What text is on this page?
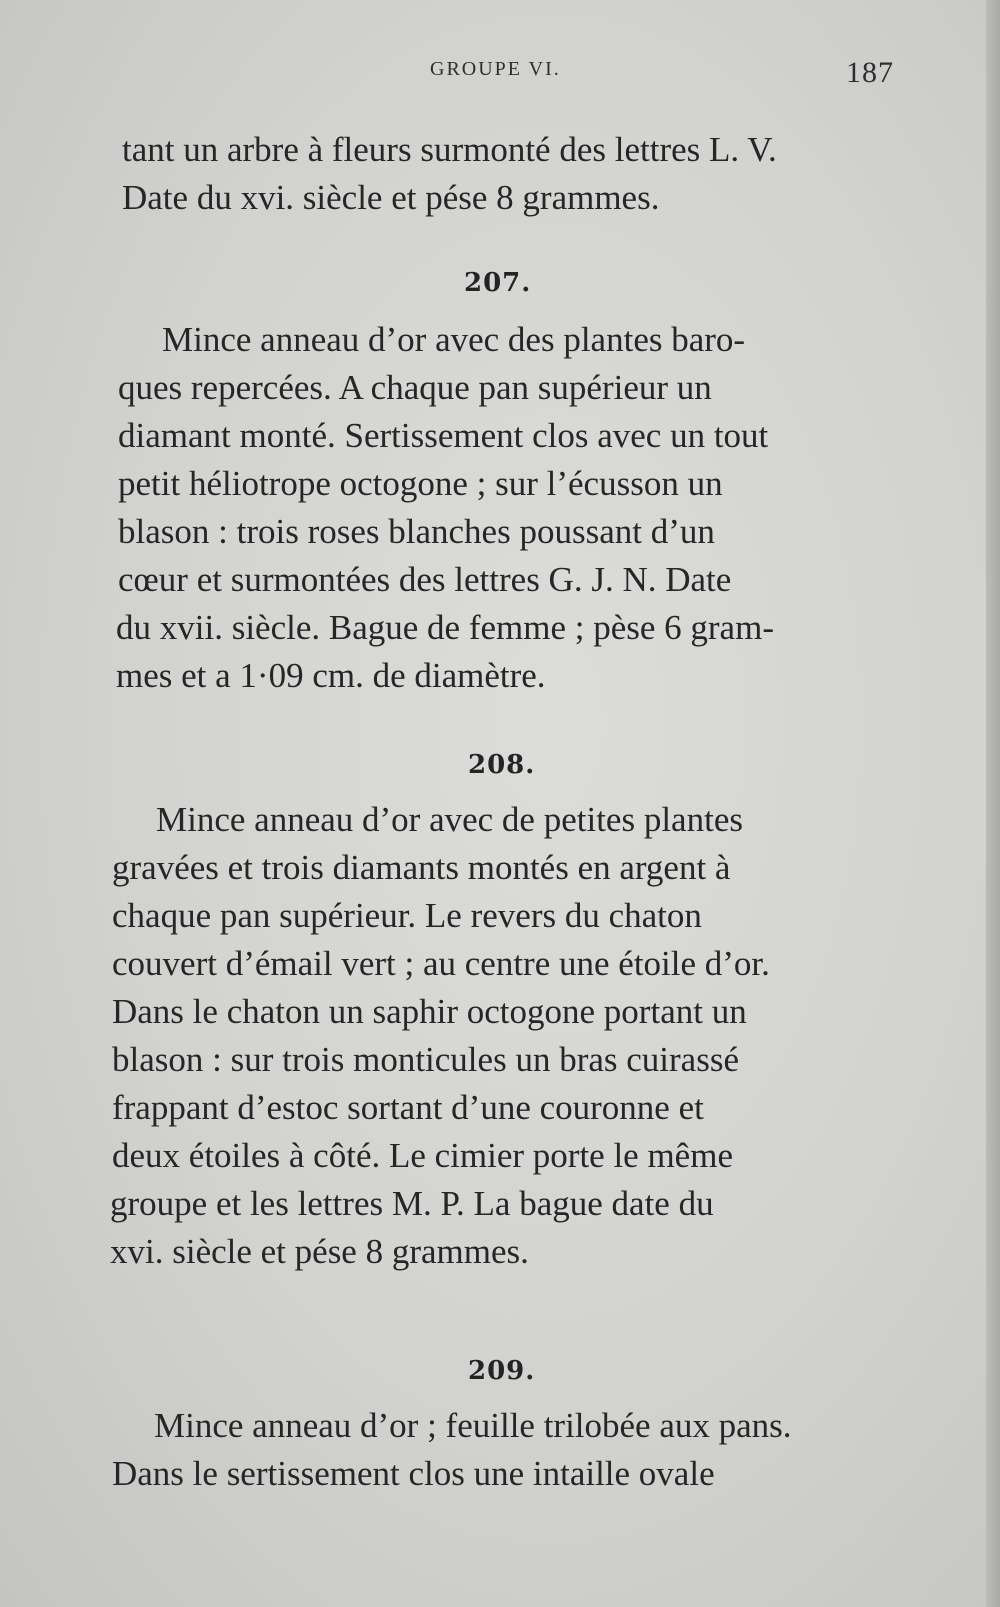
GROUPE VI.	187
tant un arbre à fleurs surmonté des lettres L. V.
Date du xvi. siècle et pése 8 grammes.
207.
Mince anneau d’or avec des plantes baro-
ques repercées. A chaque pan supérieur un
diamant monté. Sertissement clos avec un tout
petit héliotrope octogone ; sur l’écusson un
blason : trois roses blanches poussant d’un
cœur et surmontées des lettres G. J. N. Date
du xvii. siècle. Bague de femme ; pèse 6 gram-
mes et a 1·09 cm. de diamètre.
208.
Mince anneau d’or avec de petites plantes
gravées et trois diamants montés en argent à
chaque pan supérieur. Le revers du chaton
couvert d’émail vert ; au centre une étoile d’or.
Dans le chaton un saphir octogone portant un
blason : sur trois monticules un bras cuirassé
frappant d’estoc sortant d’une couronne et
deux étoiles à côté. Le cimier porte le même
groupe et les lettres M. P. La bague date du
xvi. siècle et pése 8 grammes.
209.
Mince anneau d’or ; feuille trilobée aux pans.
Dans le sertissement clos une intaille ovale
